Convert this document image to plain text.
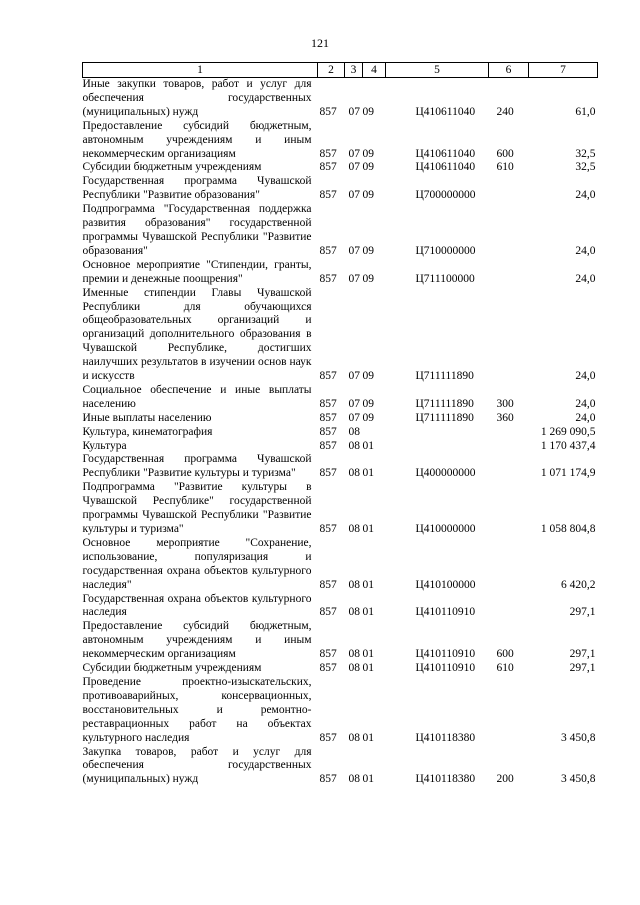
121
1	2	3	4	5	6	7
Иные закупки товаров, работ и услуг для обеспечения государственных (муниципальных) нужд	857	07	09	Ц410611040	240	61,0
Предоставление субсидий бюджетным, автономным учреждениям и иным некоммерческим организациям	857	07	09	Ц410611040	600	32,5
Субсидии бюджетным учреждениям	857	07	09	Ц410611040	610	32,5
Государственная программа Чувашской Республики "Развитие образования"	857	07	09	Ц700000000		24,0
Подпрограмма "Государственная поддержка развития образования" государственной программы Чувашской Республики "Развитие образования"	857	07	09	Ц710000000		24,0
Основное мероприятие "Стипендии, гранты, премии и денежные поощрения"	857	07	09	Ц711100000		24,0
Именные стипендии Главы Чувашской Республики для обучающихся общеобразовательных организаций и организаций дополнительного образования в Чувашской Республике, достигших наилучших результатов в изучении основ наук и искусств	857	07	09	Ц711111890		24,0
Социальное обеспечение и иные выплаты населению	857	07	09	Ц711111890	300	24,0
Иные выплаты населению	857	07	09	Ц711111890	360	24,0
Культура, кинематография	857	08				1 269 090,5
Культура	857	08	01			1 170 437,4
Государственная программа Чувашской Республики "Развитие культуры и туризма"	857	08	01	Ц400000000		1 071 174,9
Подпрограмма "Развитие культуры в Чувашской Республике" государственной программы Чувашской Республики "Развитие культуры и туризма"	857	08	01	Ц410000000		1 058 804,8
Основное мероприятие "Сохранение, использование, популяризация и государственная охрана объектов культурного наследия"	857	08	01	Ц410100000		6 420,2
Государственная охрана объектов культурного наследия	857	08	01	Ц410110910		297,1
Предоставление субсидий бюджетным, автономным учреждениям и иным некоммерческим организациям	857	08	01	Ц410110910	600	297,1
Субсидии бюджетным учреждениям	857	08	01	Ц410110910	610	297,1
Проведение проектно-изыскательских, противоаварийных, консервационных, восстановительных и ремонтно-реставрационных работ на объектах культурного наследия	857	08	01	Ц410118380		3 450,8
Закупка товаров, работ и услуг для обеспечения государственных (муниципальных) нужд	857	08	01	Ц410118380	200	3 450,8
